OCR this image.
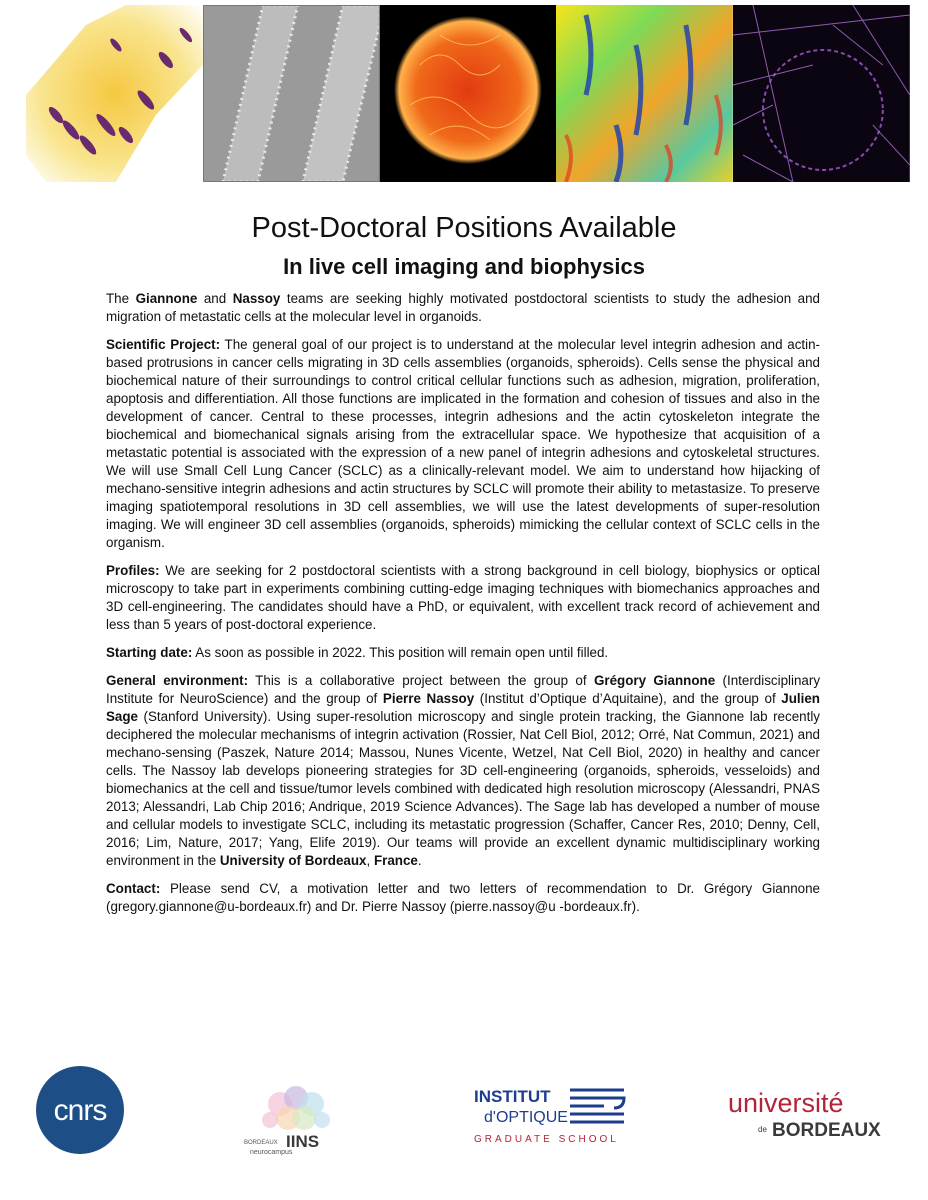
Post-Doctoral Positions Available
In live cell imaging and biophysics

The Giannone and Nassoy teams are seeking highly motivated postdoctoral scientists to study the adhesion and migration of metastatic cells at the molecular level in organoids.

Scientific Project: The general goal of our project is to understand at the molecular level integrin adhesion and actin-based protrusions in cancer cells migrating in 3D cells assemblies (organoids, spheroids). Cells sense the physical and biochemical nature of their surroundings to control critical cellular functions such as adhesion, migration, proliferation, apoptosis and differentiation. All those functions are implicated in the formation and cohesion of tissues and also in the development of cancer. Central to these processes, integrin adhesions and the actin cytoskeleton integrate the biochemical and biomechanical signals arising from the extracellular space. We hypothesize that acquisition of a metastatic potential is associated with the expression of a new panel of integrin adhesions and cytoskeletal structures. We will use Small Cell Lung Cancer (SCLC) as a clinically-relevant model. We aim to understand how hijacking of mechano-sensitive integrin adhesions and actin structures by SCLC will promote their ability to metastasize. To preserve imaging spatiotemporal resolutions in 3D cell assemblies, we will use the latest developments of super-resolution imaging. We will engineer 3D cell assemblies (organoids, spheroids) mimicking the cellular context of SCLC cells in the organism.

Profiles: We are seeking for 2 postdoctoral scientists with a strong background in cell biology, biophysics or optical microscopy to take part in experiments combining cutting-edge imaging techniques with biomechanics approaches and 3D cell-engineering. The candidates should have a PhD, or equivalent, with excellent track record of achievement and less than 5 years of post-doctoral experience.

Starting date: As soon as possible in 2022. This position will remain open until filled.

General environment: This is a collaborative project between the group of Grégory Giannone (Interdisciplinary Institute for NeuroScience) and the group of Pierre Nassoy (Institut d’Optique d’Aquitaine), and the group of Julien Sage (Stanford University). Using super-resolution microscopy and single protein tracking, the Giannone lab recently deciphered the molecular mechanisms of integrin activation (Rossier, Nat Cell Biol, 2012; Orré, Nat Commun, 2021) and mechano-sensing (Paszek, Nature 2014; Massou, Nunes Vicente, Wetzel, Nat Cell Biol, 2020) in healthy and cancer cells. The Nassoy lab develops pioneering strategies for 3D cell-engineering (organoids, spheroids, vesseloids) and biomechanics at the cell and tissue/tumor levels combined with dedicated high resolution microscopy (Alessandri, PNAS 2013; Alessandri, Lab Chip 2016; Andrique, 2019 Science Advances). The Sage lab has developed a number of mouse and cellular models to investigate SCLC, including its metastatic progression (Schaffer, Cancer Res, 2010; Denny, Cell, 2016; Lim, Nature, 2017; Yang, Elife 2019). Our teams will provide an excellent dynamic multidisciplinary working environment in the University of Bordeaux, France.

Contact: Please send CV, a motivation letter and two letters of recommendation to Dr. Grégory Giannone (gregory.giannone@u-bordeaux.fr) and Dr. Pierre Nassoy (pierre.nassoy@u -bordeaux.fr).

cnrs
BORDEAUX IINS
neurocampus
INSTITUT
d'OPTIQUE
GRADUATE SCHOOL
université
de BORDEAUX
